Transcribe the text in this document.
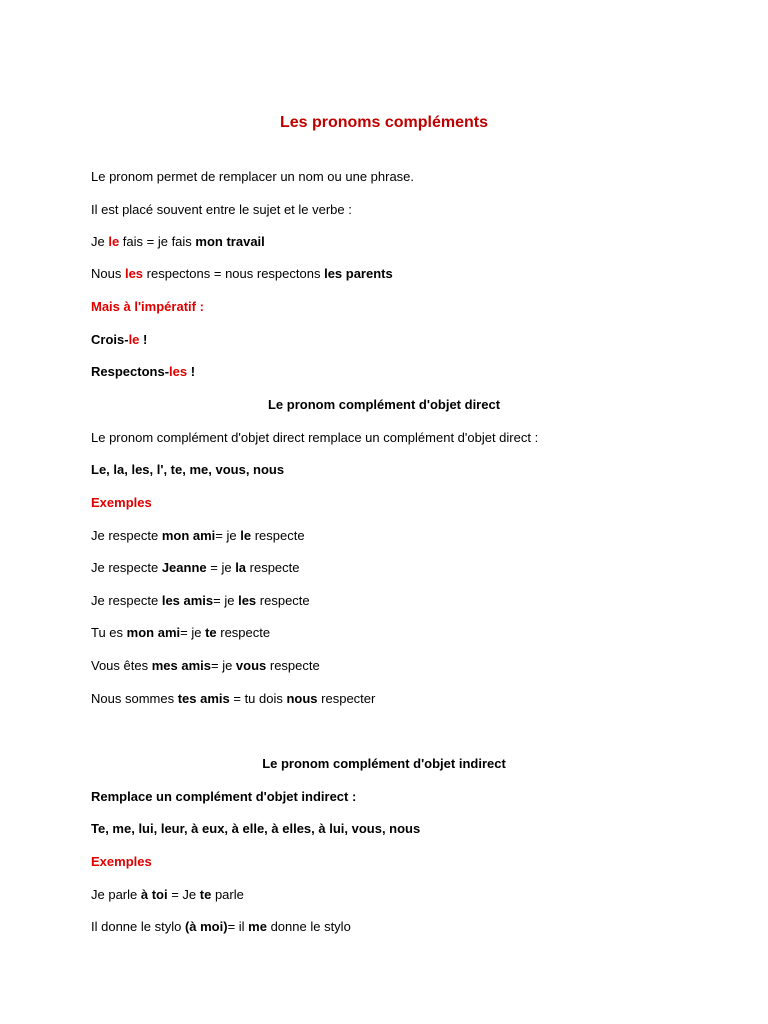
Les pronoms compléments
Le pronom permet de remplacer un nom ou une phrase.
Il est placé souvent entre le sujet et le verbe :
Je le fais = je fais mon travail
Nous les respectons = nous respectons les parents
Mais à l'impératif :
Crois-le !
Respectons-les !
Le pronom complément d'objet direct
Le pronom complément d'objet direct remplace un complément d'objet direct :
Le, la, les, l', te, me, vous, nous
Exemples
Je respecte mon ami= je le respecte
Je respecte Jeanne = je la respecte
Je respecte les amis= je les respecte
Tu es mon ami= je te respecte
Vous êtes mes amis= je vous respecte
Nous sommes tes amis = tu dois nous respecter
Le pronom complément d'objet indirect
Remplace un complément d'objet indirect :
Te, me, lui, leur, à eux, à elle, à elles, à lui, vous, nous
Exemples
Je parle à toi = Je te parle
Il donne le stylo (à moi)= il me donne le stylo
